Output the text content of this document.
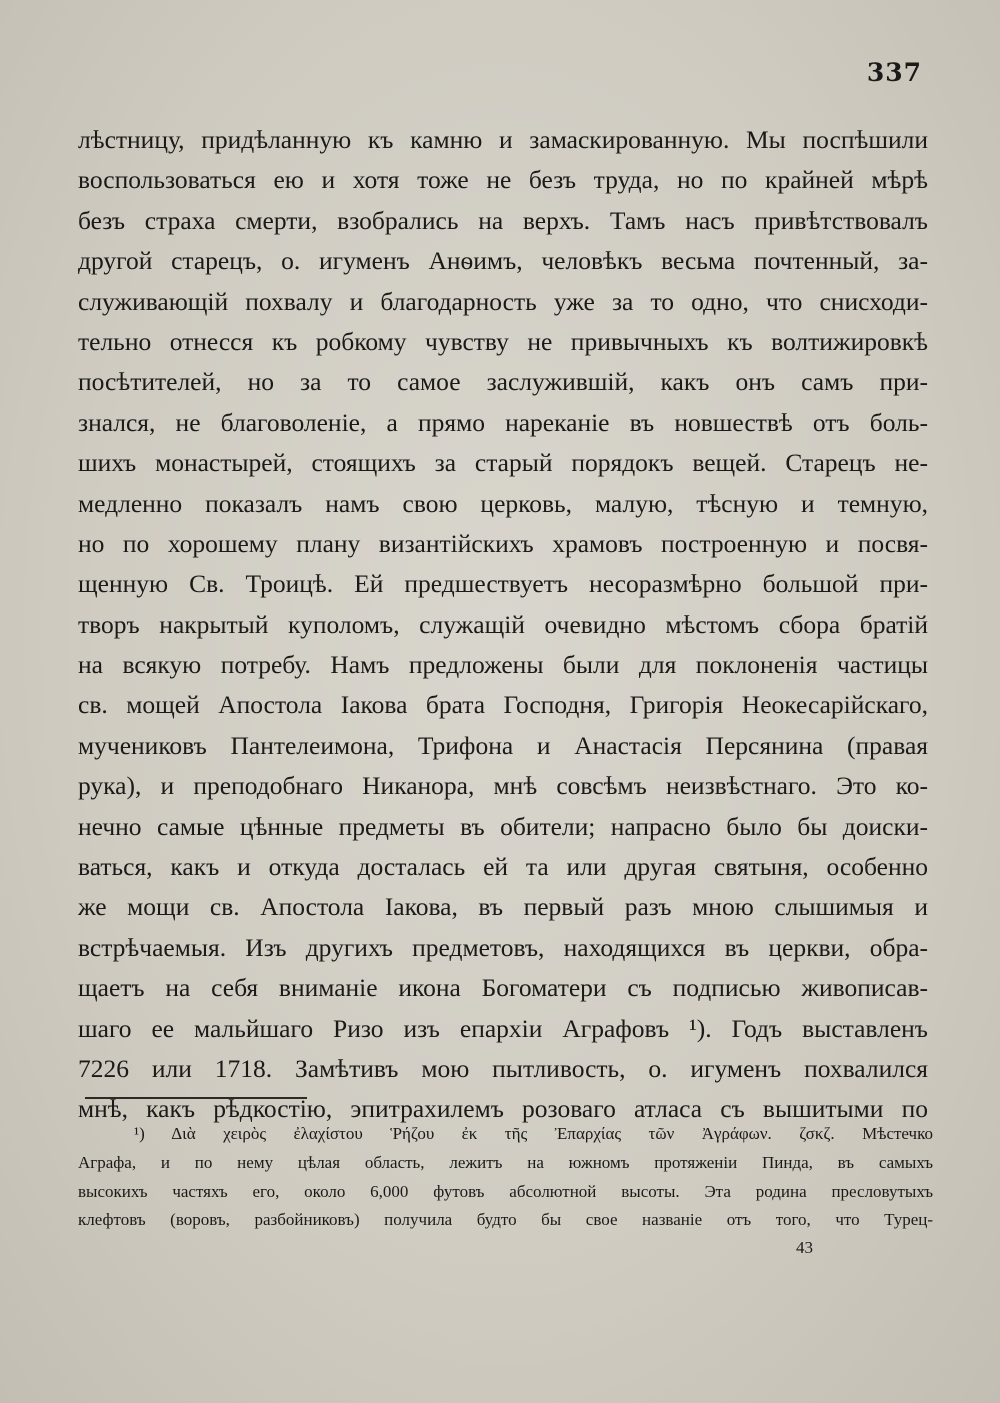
337
лѣстницу, придѣланную къ камню и замаскированную. Мы поспѣшили
воспользоваться ею и хотя тоже не безъ труда, но по крайней мѣрѣ
безъ страха смерти, взобрались на верхъ. Тамъ насъ привѣтствовалъ
другой старецъ, о. игуменъ Анѳимъ, человѣкъ весьма почтенный, за-
служивающій похвалу и благодарность уже за то одно, что снисходи-
тельно отнесся къ робкому чувству не привычныхъ къ волтижировкѣ
посѣтителей, но за то самое заслужившій, какъ онъ самъ при-
знался, не благоволеніе, а прямо нареканіе въ новшествѣ отъ боль-
шихъ монастырей, стоящихъ за старый порядокъ вещей. Старецъ не-
медленно показалъ намъ свою церковь, малую, тѣсную и темную,
но по хорошему плану византійскихъ храмовъ построенную и посвя-
щенную Св. Троицѣ. Ей предшествуетъ несоразмѣрно большой при-
творъ накрытый куполомъ, служащій очевидно мѣстомъ сбора братій
на всякую потребу. Намъ предложены были для поклоненія частицы
св. мощей Апостола Іакова брата Господня, Григорія Неокесарійскаго,
мучениковъ Пантелеимона, Трифона и Анастасія Персянина (правая
рука), и преподобнаго Никанора, мнѣ совсѣмъ неизвѣстнаго. Это ко-
нечно самые цѣнные предметы въ обители; напрасно было бы доиски-
ваться, какъ и откуда досталась ей та или другая святыня, особенно
же мощи св. Апостола Іакова, въ первый разъ мною слышимыя и
встрѣчаемыя. Изъ другихъ предметовъ, находящихся въ церкви, обра-
щаетъ на себя вниманіе икона Богоматери съ подписью живописав-
шаго ее мальйшаго Ризо изъ епархіи Аграфовъ ¹). Годъ выставленъ
7226 или 1718. Замѣтивъ мою пытливость, о. игуменъ похвалился
мнѣ, какъ рѣдкостію, эпитрахилемъ розоваго атласа съ вышитыми по
¹) Διὰ χειρὸς ἐλαχίστου Ῥήζου ἐκ τῆς Ἐπαρχίας τῶν Ἀγράφων. ζσκζ. Мѣстечко
Аграфа, и по нему цѣлая область, лежитъ на южномъ протяженіи Пинда, въ самыхъ
высокихъ частяхъ его, около 6,000 футовъ абсолютной высоты. Эта родина пресловутыхъ
клефтовъ (воровъ, разбойниковъ) получила будто бы свое названіе отъ того, что Турец-
43
